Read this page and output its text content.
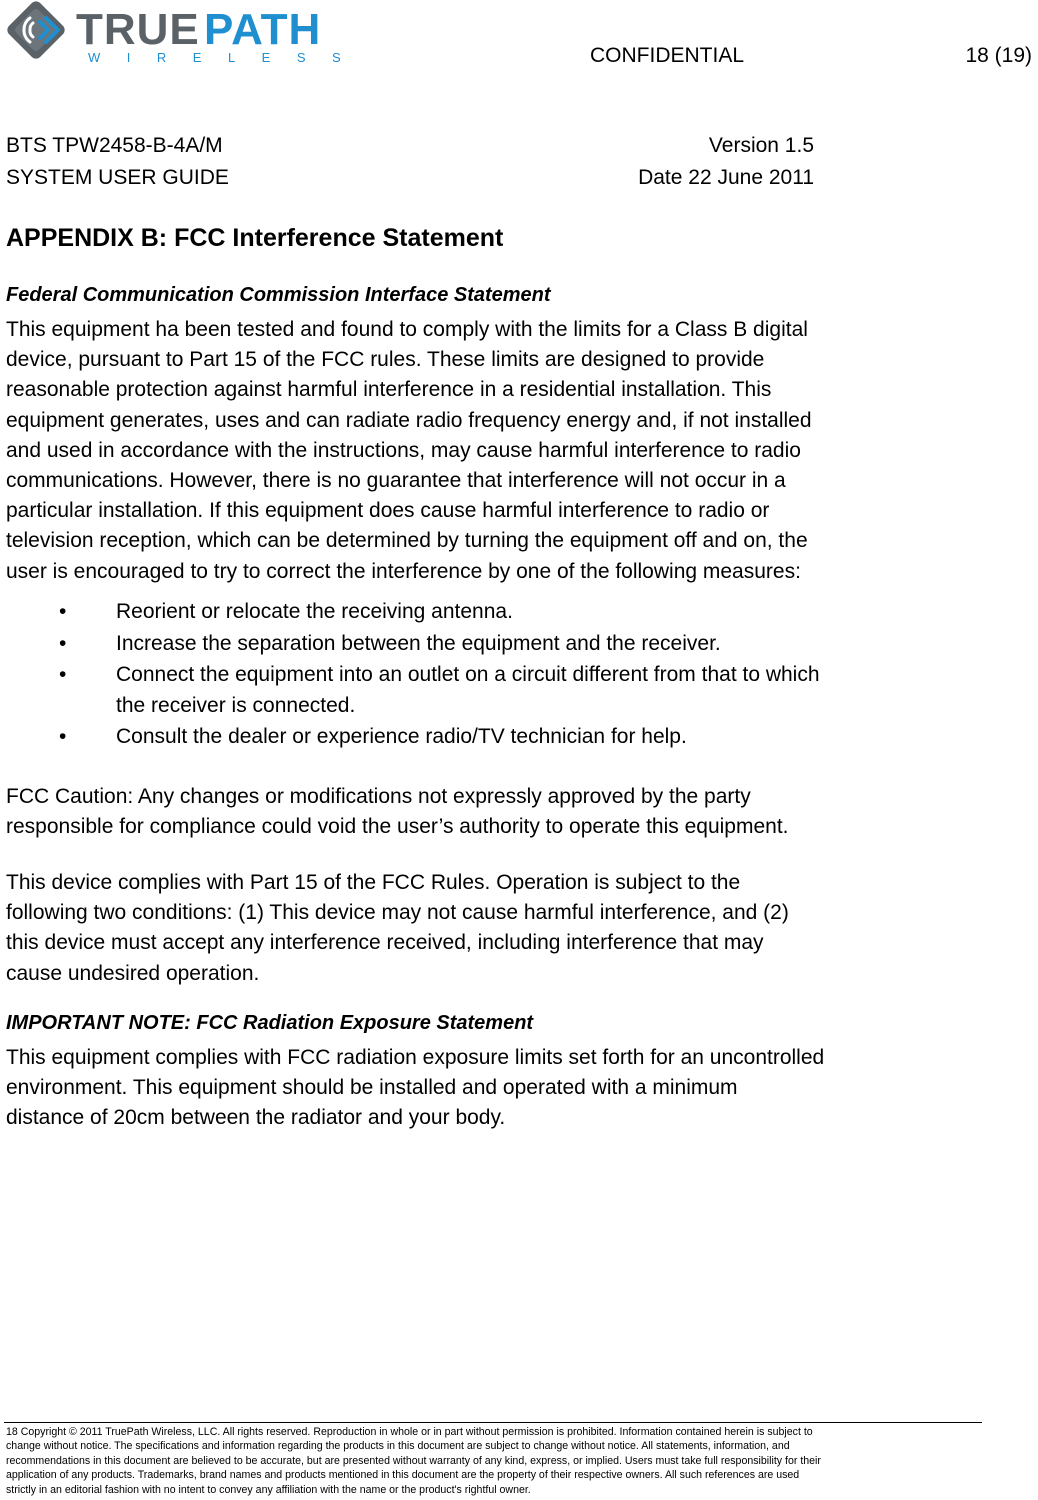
TRUE PATH
WIRELESS	CONFIDENTIAL	18 (19)
BTS TPW2458-B-4A/M
SYSTEM USER GUIDE
Version 1.5
Date 22 June 2011
APPENDIX B: FCC Interference Statement
Federal Communication Commission Interface Statement
This equipment ha been tested and found to comply with the limits for a Class B digital
device, pursuant to Part 15 of the FCC rules. These limits are designed to provide
reasonable protection against harmful interference in a residential installation. This
equipment generates, uses and can radiate radio frequency energy and, if not installed
and used in accordance with the instructions, may cause harmful interference to radio
communications. However, there is no guarantee that interference will not occur in a
particular installation. If this equipment does cause harmful interference to radio or
television reception, which can be determined by turning the equipment off and on, the
user is encouraged to try to correct the interference by one of the following measures:
• Reorient or relocate the receiving antenna.
• Increase the separation between the equipment and the receiver.
• Connect the equipment into an outlet on a circuit different from that to which
the receiver is connected.
• Consult the dealer or experience radio/TV technician for help.
FCC Caution: Any changes or modifications not expressly approved by the party
responsible for compliance could void the user’s authority to operate this equipment.
This device complies with Part 15 of the FCC Rules. Operation is subject to the
following two conditions: (1) This device may not cause harmful interference, and (2)
this device must accept any interference received, including interference that may
cause undesired operation.
IMPORTANT NOTE: FCC Radiation Exposure Statement
This equipment complies with FCC radiation exposure limits set forth for an uncontrolled
environment. This equipment should be installed and operated with a minimum
distance of 20cm between the radiator and your body.
18 Copyright © 2011 TruePath Wireless, LLC. All rights reserved. Reproduction in whole or in part without permission is prohibited. Information contained herein is subject to
change without notice. The specifications and information regarding the products in this document are subject to change without notice. All statements, information, and
recommendations in this document are believed to be accurate, but are presented without warranty of any kind, express, or implied. Users must take full responsibility for their
application of any products. Trademarks, brand names and products mentioned in this document are the property of their respective owners. All such references are used
strictly in an editorial fashion with no intent to convey any affiliation with the name or the product's rightful owner.
